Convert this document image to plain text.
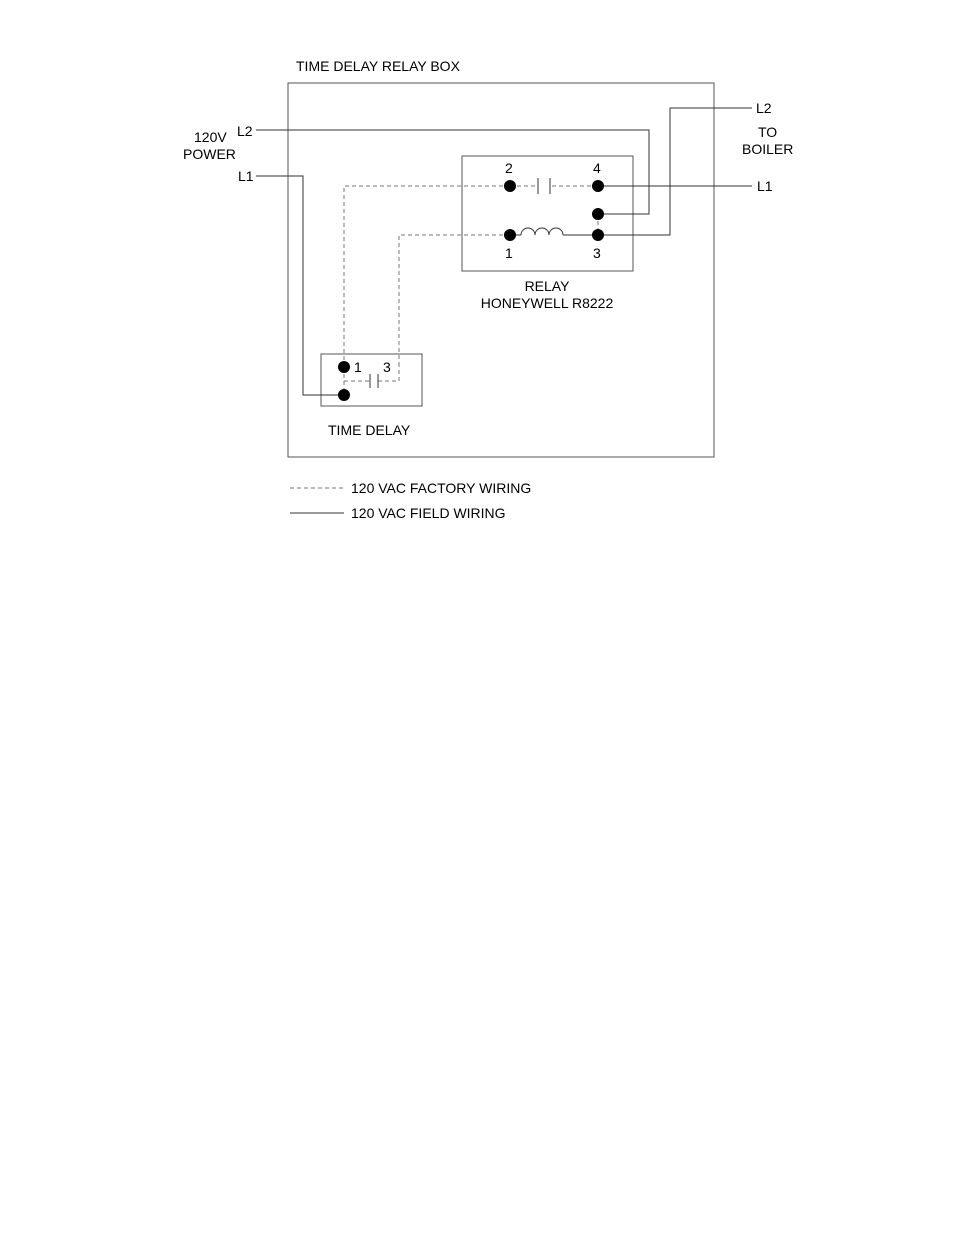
TIME DELAY RELAY BOX
120V
POWER
L2
L1
L2
TO
BOILER
L1
2	4
1	3
RELAY
HONEYWELL R8222
1 3
TIME DELAY
120 VAC FACTORY WIRING
120 VAC FIELD WIRING
